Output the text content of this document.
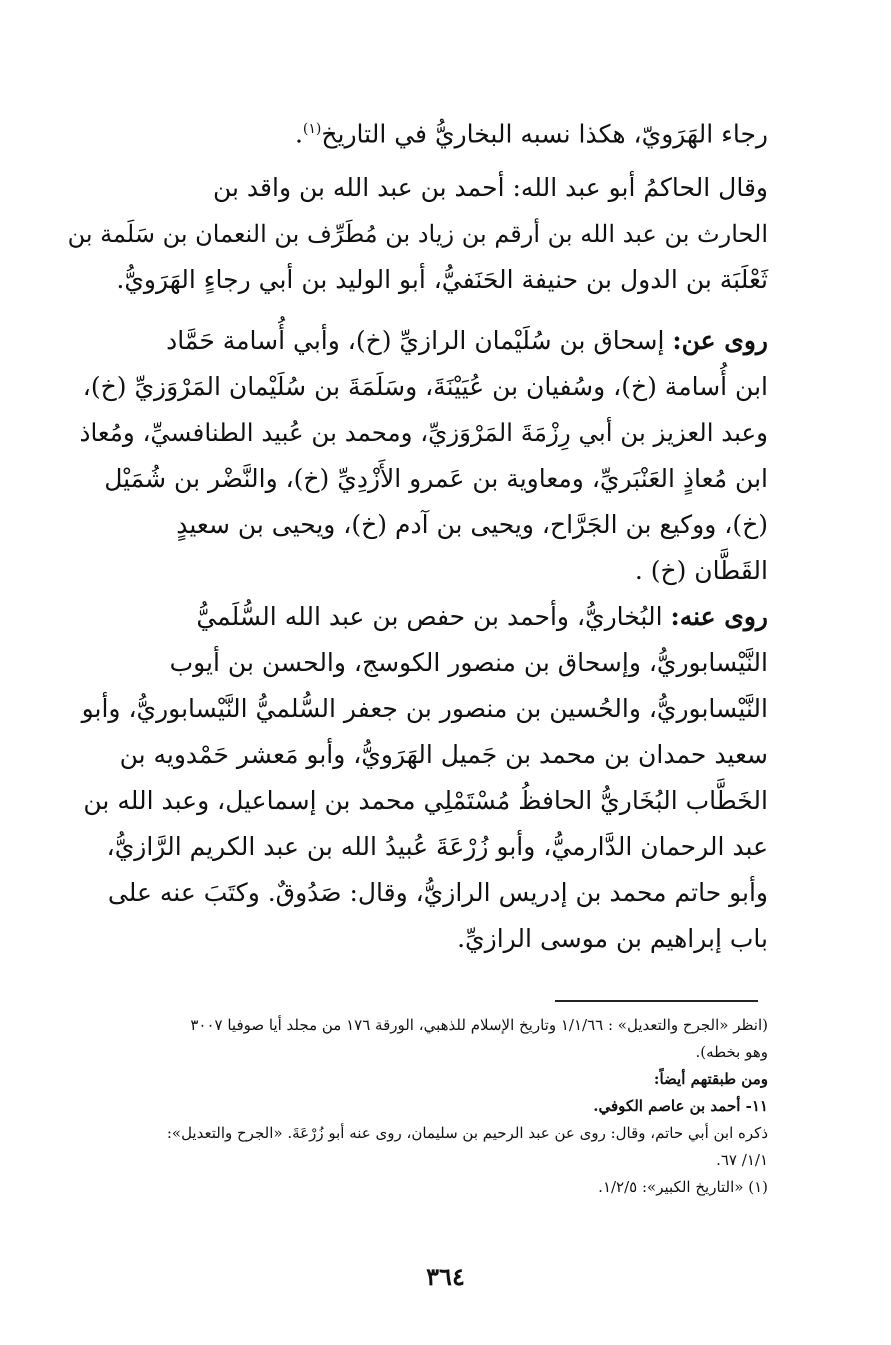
رجاء الهَرَويّ، هكذا نسبه البخاريُّ في التاريخ$^{(١)}$.
وقال الحاكمُ أبو عبد الله: أحمد بن عبد الله بن واقد بن
الحارث بن عبد الله بن أرقم بن زياد بن مُطَرِّف بن النعمان بن سَلَمة بن
ثَعْلَبَة بن الدول بن حنيفة الحَنَفيُّ، أبو الوليد بن أبي رجاءٍ الهَرَويُّ.
روى عن: إسحاق بن سُلَيْمان الرازيِّ (خ)، وأبي أُسامة حَمَّاد
ابن أُسامة (خ)، وسُفيان بن عُيَيْنَةَ، وسَلَمَةَ بن سُلَيْمان المَرْوَزيِّ (خ)،
وعبد العزيز بن أبي رِزْمَةَ المَرْوَزيِّ، ومحمد بن عُبيد الطنافسيِّ، ومُعاذ
ابن مُعاذٍ العَنْبَريِّ، ومعاوية بن عَمرو الأَزْدِيِّ (خ)، والنَّضْر بن شُمَيْل
(خ)، ووكيع بن الجَرَّاح، ويحيى بن آدم (خ)، ويحيى بن سعيدٍ
القَطَّان (خ) .
روى عنه: البُخاريُّ، وأحمد بن حفص بن عبد الله السُّلَميُّ
النَّيْسابوريُّ، وإسحاق بن منصور الكوسج، والحسن بن أيوب
النَّيْسابوريُّ، والحُسين بن منصور بن جعفر السُّلميُّ النَّيْسابوريُّ، وأبو
سعيد حمدان بن محمد بن جَميل الهَرَويُّ، وأبو مَعشر حَمْدويه بن
الخَطَّاب البُخَاريُّ الحافظُ مُسْتَمْلِي محمد بن إسماعيل، وعبد الله بن
عبد الرحمان الدَّارميُّ، وأبو زُرْعَةَ عُبيدُ الله بن عبد الكريم الرَّازيُّ،
وأبو حاتم محمد بن إدريس الرازيُّ، وقال: صَدُوقٌ. وكتَبَ عنه على
باب إبراهيم بن موسى الرازيِّ.
(انظر «الجرح والتعديل» : ١/١/٦٦ وتاريخ الإسلام للذهبي، الورقة ١٧٦ من مجلد أيا صوفيا ٣٠٠٧
وهو بخطه).
ومن طبقتهم أيضاً:
١١- أحمد بن عاصم الكوفي.
ذكره ابن أبي حاتم، وقال: روى عن عبد الرحيم بن سليمان، روى عنه أبو زُرْعَةَ. «الجرح والتعديل»:
١/١/ ٦٧.
(١) «التاريخ الكبير»: ١/٢/٥.
٣٦٤
